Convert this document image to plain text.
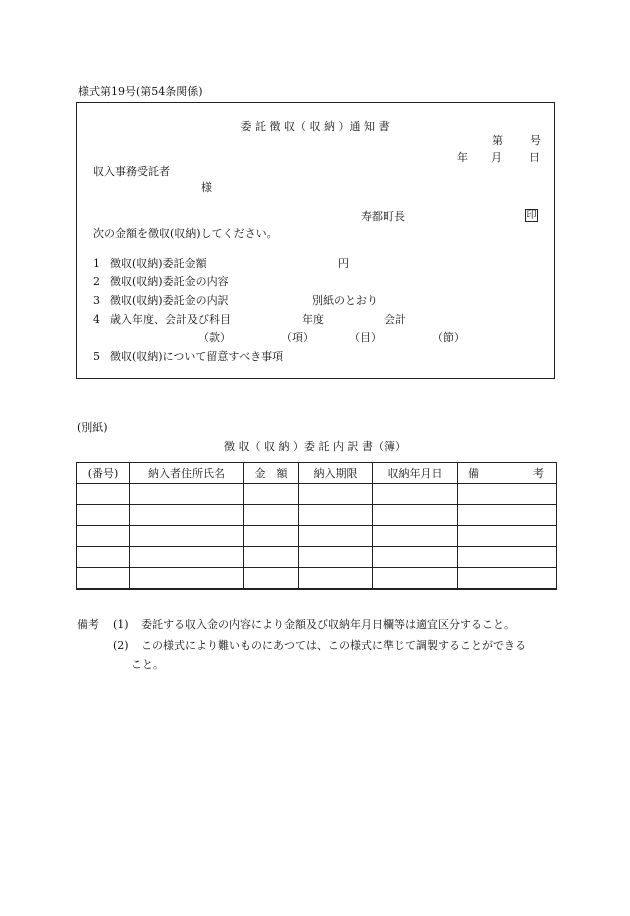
様式第19号(第54条関係)
委 託 徴 収（ 収 納 ）通 知 書
第 号
年 月 日
収入事務受託者
様
寿都町長	印
次の金額を徴収(収納)してください。
1 徴収(収納)委託金額	円
2 徴収(収納)委託金の内容
3 徴収(収納)委託金の内訳	別紙のとおり
4 歳入年度、会計及び科目	年度	会計
（款）	（項）	（目）	（節）
5 徴収(収納)について留意すべき事項
(別紙)
徴 収（ 収 納 ）委 託 内 訳 書（簿）
(番号)	納入者住所氏名	金　額	納入期限	収納年月日	備 考

備考 (1) 委託する収入金の内容により金額及び収納年月日欄等は適宜区分すること。
(2) この様式により難いものにあつては、この様式に準じて調製することができる
こと。
